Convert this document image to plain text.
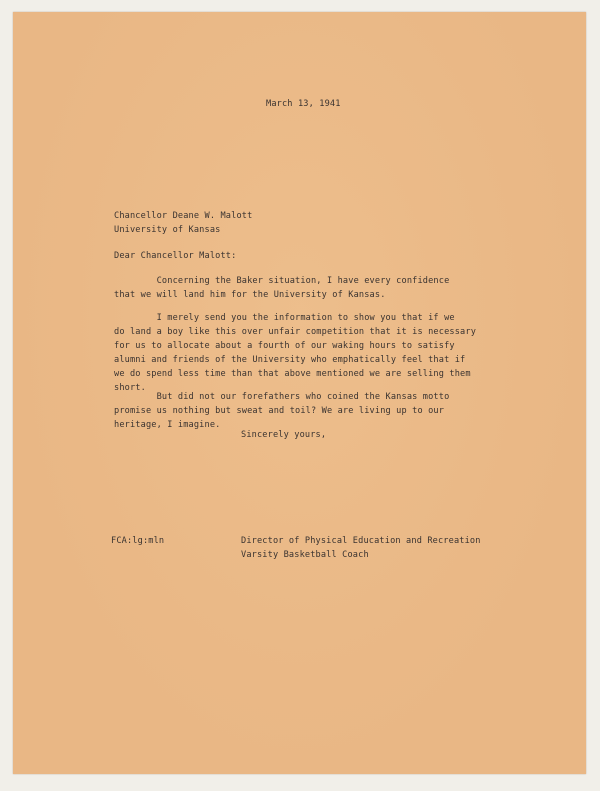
March 13, 1941
Chancellor Deane W. Malott
University of Kansas
Dear Chancellor Malott:
Concerning the Baker situation, I have every confidence
that we will land him for the University of Kansas.
I merely send you the information to show you that if we
do land a boy like this over unfair competition that it is necessary
for us to allocate about a fourth of our waking hours to satisfy
alumni and friends of the University who emphatically feel that if
we do spend less time than that above mentioned we are selling them
short.
But did not our forefathers who coined the Kansas motto
promise us nothing but sweat and toil? We are living up to our
heritage, I imagine.
Sincerely yours,
FCA:lg:mln	Director of Physical Education and Recreation
Varsity Basketball Coach
